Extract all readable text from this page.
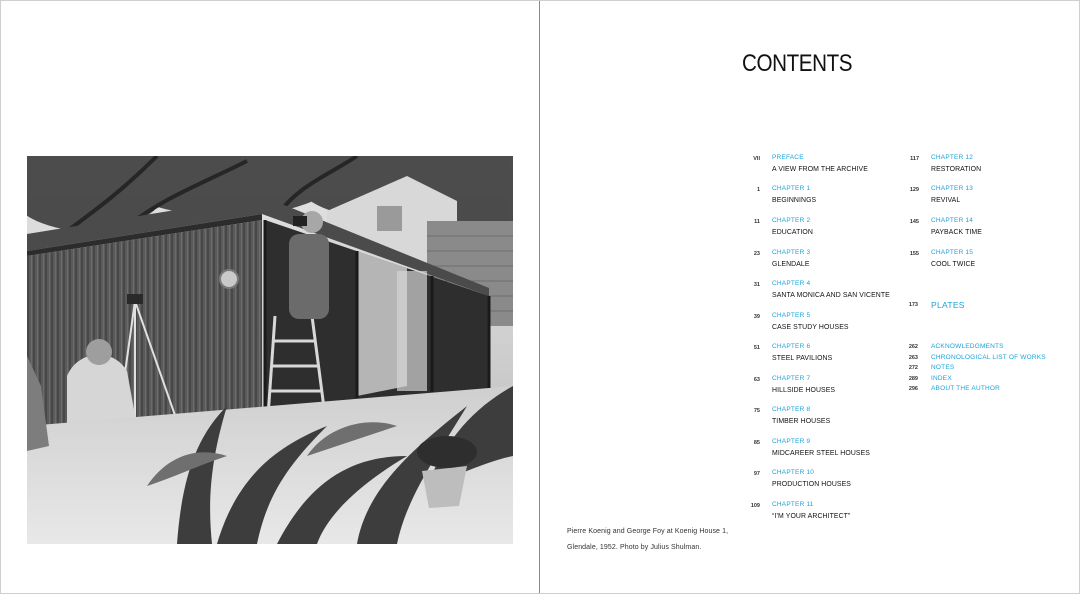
Pierre Koenig and George Foy at Koenig House 1,
Glendale, 1952. Photo by Julius Shulman.
CONTENTS
VII PREFACE
A VIEW FROM THE ARCHIVE
1 CHAPTER 1
BEGINNINGS
11 CHAPTER 2
EDUCATION
23 CHAPTER 3
GLENDALE
31 CHAPTER 4
SANTA MONICA AND SAN VICENTE
39 CHAPTER 5
CASE STUDY HOUSES
51 CHAPTER 6
STEEL PAVILIONS
63 CHAPTER 7
HILLSIDE HOUSES
75 CHAPTER 8
TIMBER HOUSES
85 CHAPTER 9
MIDCAREER STEEL HOUSES
97 CHAPTER 10
PRODUCTION HOUSES
109 CHAPTER 11
“I’M YOUR ARCHITECT”
117 CHAPTER 12
RESTORATION
129 CHAPTER 13
REVIVAL
145 CHAPTER 14
PAYBACK TIME
155 CHAPTER 15
COOL TWICE
173 PLATES
262 ACKNOWLEDGMENTS
263 CHRONOLOGICAL LIST OF WORKS
272 NOTES
289 INDEX
296 ABOUT THE AUTHOR
